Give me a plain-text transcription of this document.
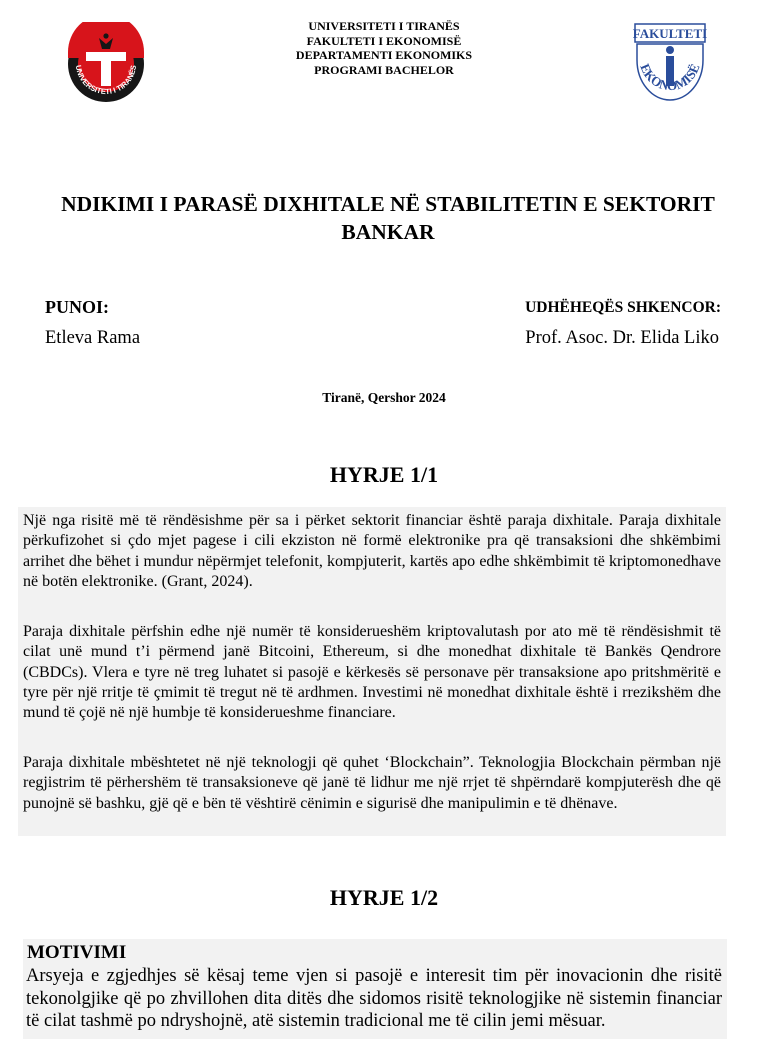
UNIVERSITETI I TIRANËS
UNIVERSITETI I TIRANËS
FAKULTETI I EKONOMISË
DEPARTAMENTI EKONOMIKS
PROGRAMI BACHELOR
FAKULTETI
EKONOMISË
NDIKIMI I PARASË DIXHITALE NË STABILITETIN E SEKTORIT BANKAR
PUNOI:
Etleva Rama
UDHËHEQËS SHKENCOR:
Prof. Asoc. Dr. Elida Liko
Tiranë, Qershor 2024
HYRJE 1/1

Një nga risitë më të rëndësishme për sa i përket sektorit financiar është paraja dixhitale. Paraja dixhitale përkufizohet si çdo mjet pagese i cili ekziston në formë elektronike pra që transaksioni dhe shkëmbimi arrihet dhe bëhet i mundur nëpërmjet telefonit, kompjuterit, kartës apo edhe shkëmbimit të kriptomonedhave në botën elektronike. (Grant, 2024).

Paraja dixhitale përfshin edhe një numër të konsiderueshëm kriptovalutash por ato më të rëndësishmit të cilat unë mund t’i përmend janë Bitcoini, Ethereum, si dhe monedhat dixhitale të Bankës Qendrore (CBDCs). Vlera e tyre në treg luhatet si pasojë e kërkesës së personave për transaksione apo pritshmëritë e tyre për një rritje të çmimit të tregut në të ardhmen. Investimi në monedhat dixhitale është i rrezikshëm dhe mund të çojë në një humbje të konsiderueshme financiare.

Paraja dixhitale mbështetet në një teknologji që quhet ‘Blockchain”. Teknologjia Blockchain përmban një regjistrim të përhershëm të transaksioneve që janë të lidhur me një rrjet të shpërndarë kompjuterësh dhe që punojnë së bashku, gjë që e bën të vështirë cënimin e sigurisë dhe manipulimin e të dhënave.

HYRJE 1/2
MOTIVIMI

Arsyeja e zgjedhjes së kësaj teme vjen si pasojë e interesit tim për inovacionin dhe risitë tekonolgjike që po zhvillohen dita ditës dhe sidomos risitë teknologjike në sistemin financiar të cilat tashmë po ndryshojnë, atë sistemin tradicional me të cilin jemi mësuar.
